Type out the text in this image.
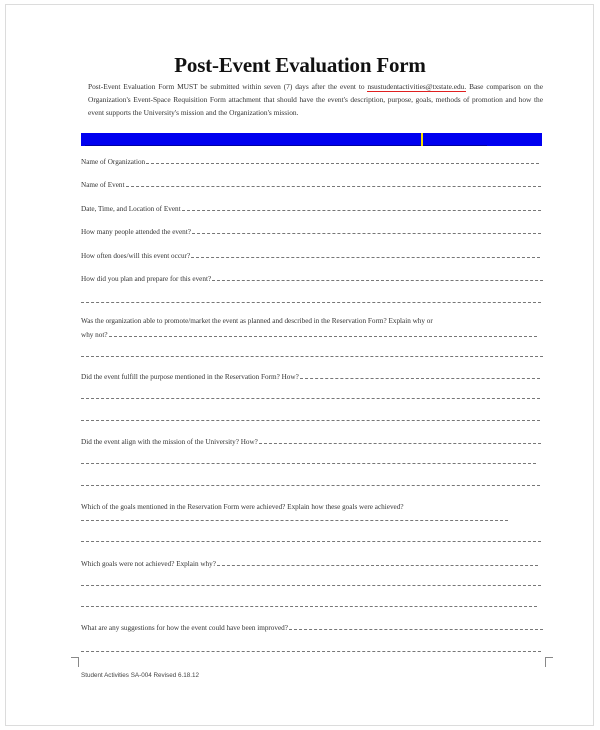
Post-Event Evaluation Form
Post-Event Evaluation Form MUST be submitted within seven (7) days after the event to nsustudentactivities@txstate.edu. Base comparison on the Organization's Event-Space Requisition Form attachment that should have the event's description, purpose, goals, methods of promotion and how the event supports the University's mission and the Organization's mission.
Name of Organization
Name of Event
Date, Time, and Location of Event
How many people attended the event?
How often does/will this event occur?
How did you plan and prepare for this event?
Was the organization able to promote/market the event as planned and described in the Reservation Form? Explain why or
why not?
Did the event fulfill the purpose mentioned in the Reservation Form? How?
Did the event align with the mission of the University? How?
Which of the goals mentioned in the Reservation Form were achieved? Explain how these goals were achieved?
Which goals were not achieved? Explain why?
What are any suggestions for how the event could have been improved?
Student Activities SA-004 Revised 6.18.12
